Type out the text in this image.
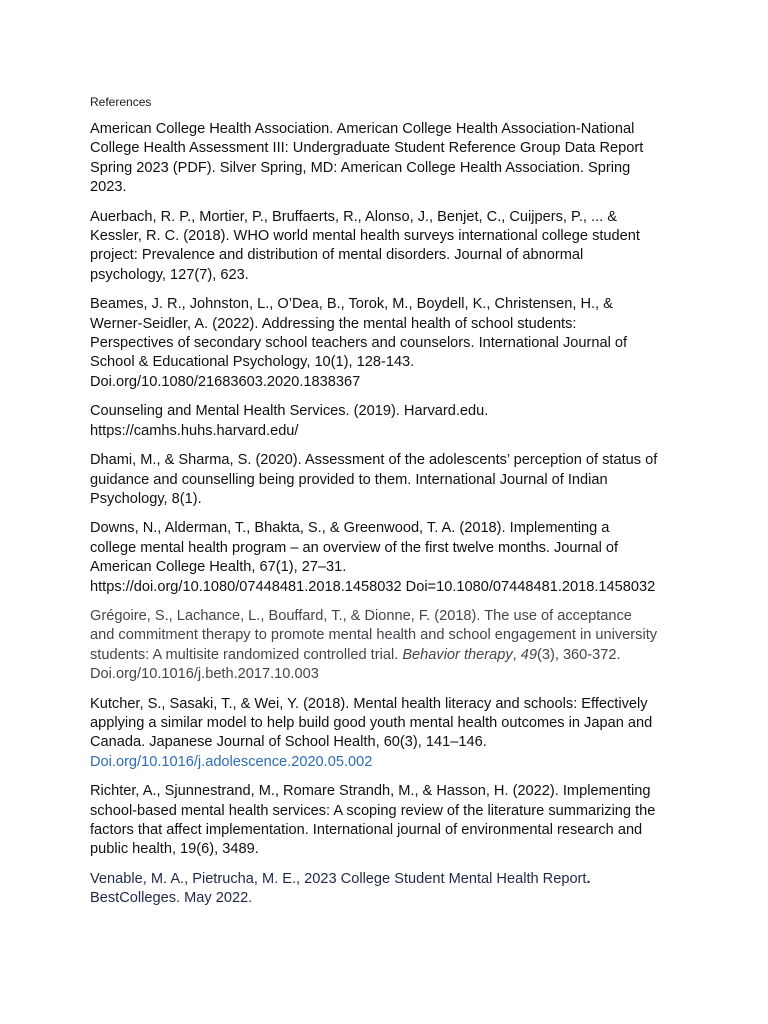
References
American College Health Association. American College Health Association-National
College Health Assessment III: Undergraduate Student Reference Group Data Report
Spring 2023 (PDF). Silver Spring, MD: American College Health Association. Spring
2023.
Auerbach, R. P., Mortier, P., Bruffaerts, R., Alonso, J., Benjet, C., Cuijpers, P., ... &
Kessler, R. C. (2018). WHO world mental health surveys international college student
project: Prevalence and distribution of mental disorders. Journal of abnormal
psychology, 127(7), 623.
Beames, J. R., Johnston, L., O’Dea, B., Torok, M., Boydell, K., Christensen, H., &
Werner-Seidler, A. (2022). Addressing the mental health of school students:
Perspectives of secondary school teachers and counselors. International Journal of
School & Educational Psychology, 10(1), 128-143.
Doi.org/10.1080/21683603.2020.1838367
Counseling and Mental Health Services. (2019). Harvard.edu.
https://camhs.huhs.harvard.edu/
Dhami, M., & Sharma, S. (2020). Assessment of the adolescents’ perception of status of
guidance and counselling being provided to them. International Journal of Indian
Psychology, 8(1).
Downs, N., Alderman, T., Bhakta, S., & Greenwood, T. A. (2018). Implementing a
college mental health program – an overview of the first twelve months. Journal of
American College Health, 67(1), 27–31.
https://doi.org/10.1080/07448481.2018.1458032 Doi=10.1080/07448481.2018.1458032
Grégoire, S., Lachance, L., Bouffard, T., & Dionne, F. (2018). The use of acceptance
and commitment therapy to promote mental health and school engagement in university
students: A multisite randomized controlled trial. Behavior therapy, 49(3), 360-372.
Doi.org/10.1016/j.beth.2017.10.003
Kutcher, S., Sasaki, T., & Wei, Y. (2018). Mental health literacy and schools: Effectively
applying a similar model to help build good youth mental health outcomes in Japan and
Canada. Japanese Journal of School Health, 60(3), 141–146.
Doi.org/10.1016/j.adolescence.2020.05.002
Richter, A., Sjunnestrand, M., Romare Strandh, M., & Hasson, H. (2022). Implementing
school-based mental health services: A scoping review of the literature summarizing the
factors that affect implementation. International journal of environmental research and
public health, 19(6), 3489.
Venable, M. A., Pietrucha, M. E., 2023 College Student Mental Health Report.
BestColleges. May 2022.
